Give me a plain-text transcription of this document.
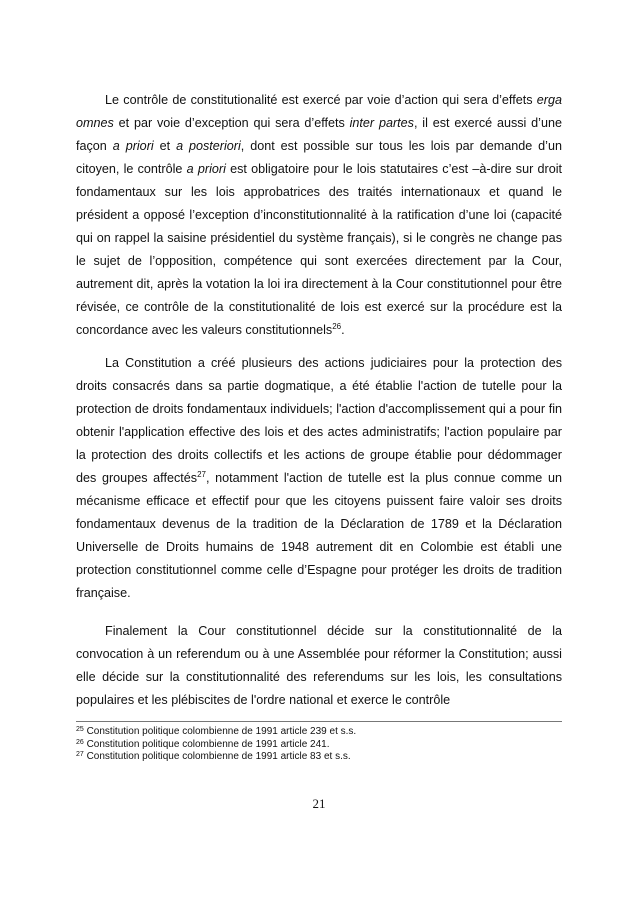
Le contrôle de constitutionalité est exercé par voie d’action qui sera d’effets erga omnes et par voie d’exception qui sera d’effets inter partes, il est exercé aussi d’une façon a priori et a posteriori, dont est possible sur tous les lois par demande d’un citoyen, le contrôle a priori est obligatoire pour le lois statutaires c’est –à-dire sur droit fondamentaux sur les lois approbatrices des traités internationaux et quand le président a opposé l’exception d’inconstitutionnalité à la ratification d’une loi (capacité qui on rappel la saisine présidentiel du système français), si le congrès ne change pas le sujet de l’opposition, compétence qui sont exercées directement par la Cour, autrement dit, après la votation la loi ira directement à la Cour constitutionnel pour être révisée, ce contrôle de la constitutionalité de lois est exercé sur la procédure est la concordance avec les valeurs constitutionnels$^{26}$.

La Constitution a créé plusieurs des actions judiciaires pour la protection des droits consacrés dans sa partie dogmatique, a été établie l'action de tutelle pour la protection de droits fondamentaux individuels; l'action d'accomplissement qui a pour fin obtenir l'application effective des lois et des actes administratifs; l'action populaire par la protection des droits collectifs et les actions de groupe établie pour dédommager des groupes affectés$^{27}$, notamment l'action de tutelle est la plus connue comme un mécanisme efficace et effectif pour que les citoyens puissent faire valoir ses droits fondamentaux devenus de la tradition de la Déclaration de 1789 et la Déclaration Universelle de Droits humains de 1948 autrement dit en Colombie est établi une protection constitutionnel comme celle d’Espagne pour protéger les droits de tradition française.

Finalement la Cour constitutionnel décide sur la constitutionnalité de la convocation à un referendum ou à une Assemblée pour réformer la Constitution; aussi elle décide sur la constitutionnalité des referendums sur les lois, les consultations populaires et les plébiscites de l'ordre national et exerce le contrôle

$^{25}$ Constitution politique colombienne de 1991 article 239 et s.s.
$^{26}$ Constitution politique colombienne de 1991 article 241.
$^{27}$ Constitution politique colombienne de 1991 article 83 et s.s.
21
